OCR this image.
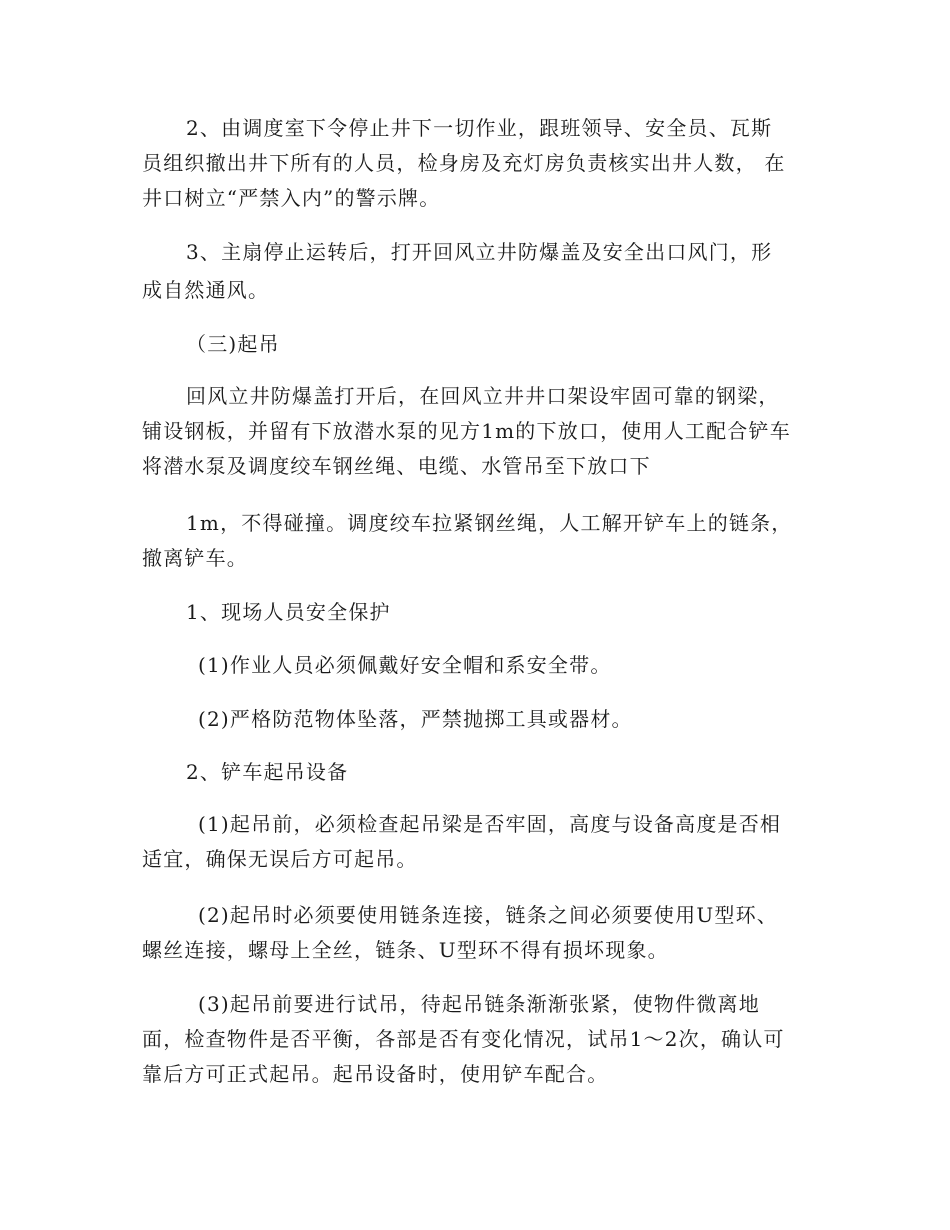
2、由调度室下令停止井下一切作业，跟班领导、安全员、瓦斯
员组织撤出井下所有的人员，检身房及充灯房负责核实出井人数， 在
井口树立“严禁入内”的警示牌。
3、主扇停止运转后，打开回风立井防爆盖及安全出口风门，形
成自然通风。
（三)起吊
回风立井防爆盖打开后，在回风立井井口架设牢固可靠的钢梁，
铺设钢板，并留有下放潜水泵的见方1m的下放口，使用人工配合铲车
将潜水泵及调度绞车钢丝绳、电缆、水管吊至下放口下
1m，不得碰撞。调度绞车拉紧钢丝绳，人工解开铲车上的链条，
撤离铲车。
1、现场人员安全保护
(1)作业人员必须佩戴好安全帽和系安全带。
(2)严格防范物体坠落，严禁抛掷工具或器材。
2、铲车起吊设备
(1)起吊前，必须检查起吊梁是否牢固，高度与设备高度是否相
适宜，确保无误后方可起吊。
(2)起吊时必须要使用链条连接，链条之间必须要使用U型环、
螺丝连接，螺母上全丝，链条、U型环不得有损坏现象。
(3)起吊前要进行试吊，待起吊链条渐渐张紧，使物件微离地
面，检查物件是否平衡，各部是否有变化情况，试吊1～2次，确认可
靠后方可正式起吊。起吊设备时，使用铲车配合。
